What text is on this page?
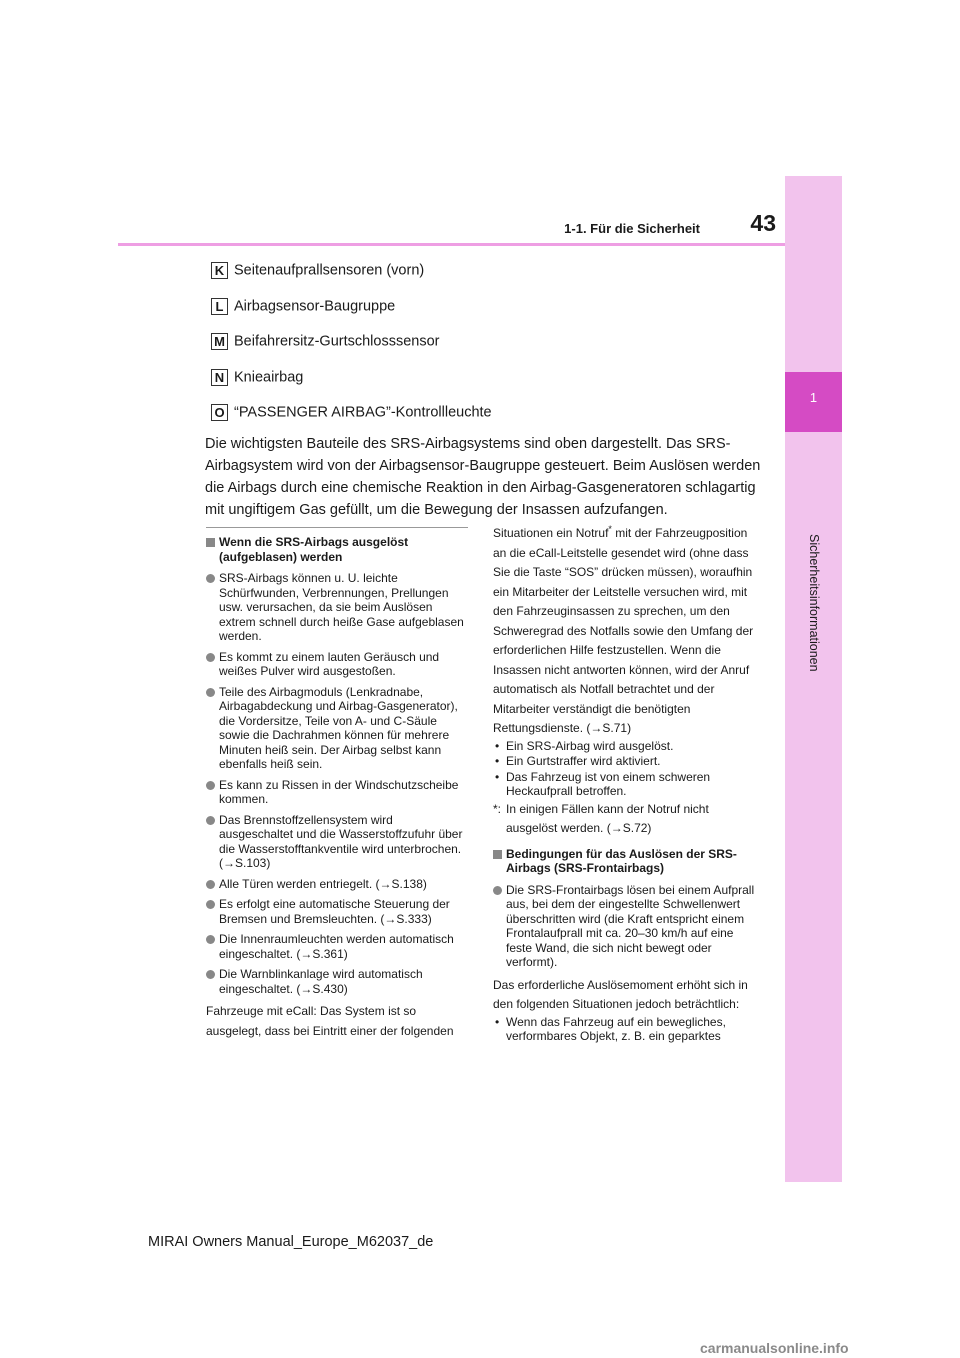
1
Sicherheitsinformationen
1-1. Für die Sicherheit	43
K Seitenaufprallsensoren (vorn)
L Airbagsensor-Baugruppe
M Beifahrersitz-Gurtschlosssensor
N Knieairbag
O “PASSENGER AIRBAG”-Kontrollleuchte

Die wichtigsten Bauteile des SRS-Airbagsystems sind oben dargestellt. Das SRS-Airbagsystem wird von der Airbagsensor-Baugruppe gesteuert. Beim Auslösen werden die Airbags durch eine chemische Reaktion in den Airbag-Gasgeneratoren schlagartig mit ungiftigem Gas gefüllt, um die Bewegung der Insassen aufzufangen.

Wenn die SRS-Airbags ausgelöst (aufgeblasen) werden
SRS-Airbags können u. U. leichte Schürfwunden, Verbrennungen, Prellungen usw. verursachen, da sie beim Auslösen extrem schnell durch heiße Gase aufgeblasen werden.
Es kommt zu einem lauten Geräusch und weißes Pulver wird ausgestoßen.
Teile des Airbagmoduls (Lenkradnabe, Airbagabdeckung und Airbag-Gasgenerator), die Vordersitze, Teile von A- und C-Säule sowie die Dachrahmen können für mehrere Minuten heiß sein. Der Airbag selbst kann ebenfalls heiß sein.
Es kann zu Rissen in der Windschutzscheibe kommen.
Das Brennstoffzellensystem wird ausgeschaltet und die Wasserstoffzufuhr über die Wasserstofftankventile wird unterbrochen. (→S.103)
Alle Türen werden entriegelt. (→S.138)
Es erfolgt eine automatische Steuerung der Bremsen und Bremsleuchten. (→S.333)
Die Innenraumleuchten werden automatisch eingeschaltet. (→S.361)
Die Warnblinkanlage wird automatisch eingeschaltet. (→S.430)

Fahrzeuge mit eCall: Das System ist so ausgelegt, dass bei Eintritt einer der folgenden

Situationen ein Notruf* mit der Fahrzeugposition an die eCall-Leitstelle gesendet wird (ohne dass Sie die Taste “SOS” drücken müssen), woraufhin ein Mitarbeiter der Leitstelle versuchen wird, mit den Fahrzeuginsassen zu sprechen, um den Schweregrad des Notfalls sowie den Umfang der erforderlichen Hilfe festzustellen. Wenn die Insassen nicht antworten können, wird der Anruf automatisch als Notfall betrachtet und der Mitarbeiter verständigt die benötigten Rettungsdienste. (→S.71)

• Ein SRS-Airbag wird ausgelöst.
• Ein Gurtstraffer wird aktiviert.
• Das Fahrzeug ist von einem schweren Heckaufprall betroffen.
*: In einigen Fällen kann der Notruf nicht ausgelöst werden. (→S.72)
Bedingungen für das Auslösen der SRS-Airbags (SRS-Frontairbags)
Die SRS-Frontairbags lösen bei einem Aufprall aus, bei dem der eingestellte Schwellenwert überschritten wird (die Kraft entspricht einem Frontalaufprall mit ca. 20–30 km/h auf eine feste Wand, die sich nicht bewegt oder verformt).

Das erforderliche Auslösemoment erhöht sich in den folgenden Situationen jedoch beträchtlich:

• Wenn das Fahrzeug auf ein bewegliches, verformbares Objekt, z. B. ein geparktes
MIRAI Owners Manual_Europe_M62037_de
carmanualsonline.info
